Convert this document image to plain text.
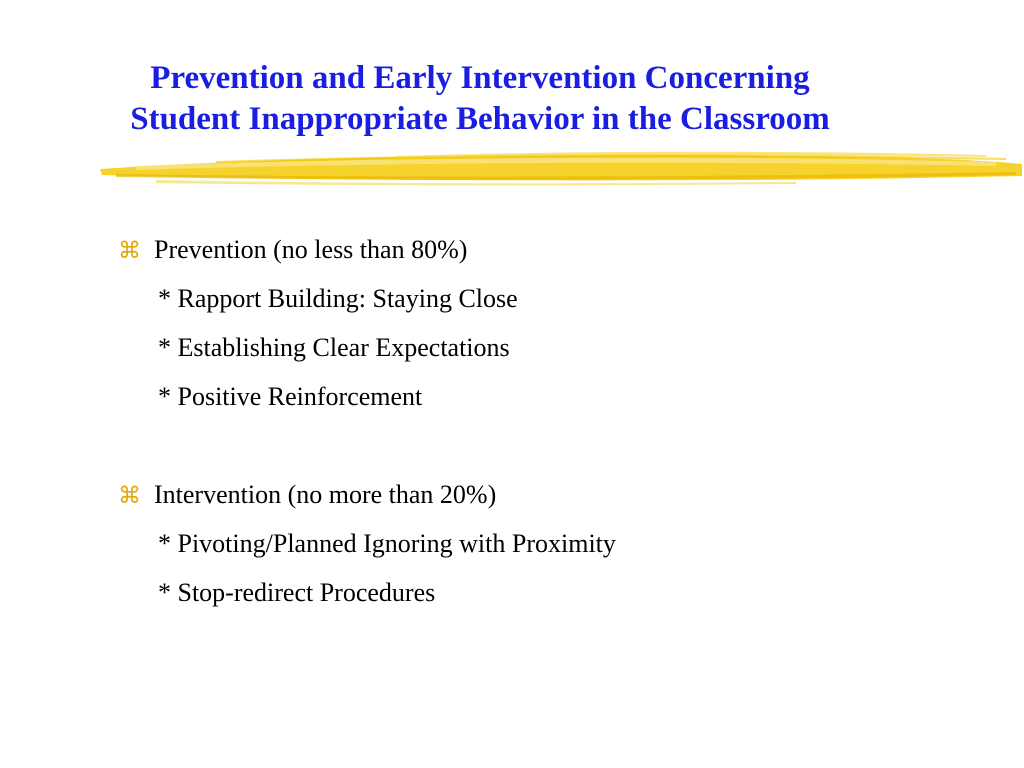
Prevention and Early Intervention Concerning
Student Inappropriate Behavior in the Classroom
⌘ Prevention (no less than 80%)
* Rapport Building: Staying Close
* Establishing Clear Expectations
* Positive Reinforcement
⌘ Intervention (no more than 20%)
* Pivoting/Planned Ignoring with Proximity
* Stop-redirect Procedures
